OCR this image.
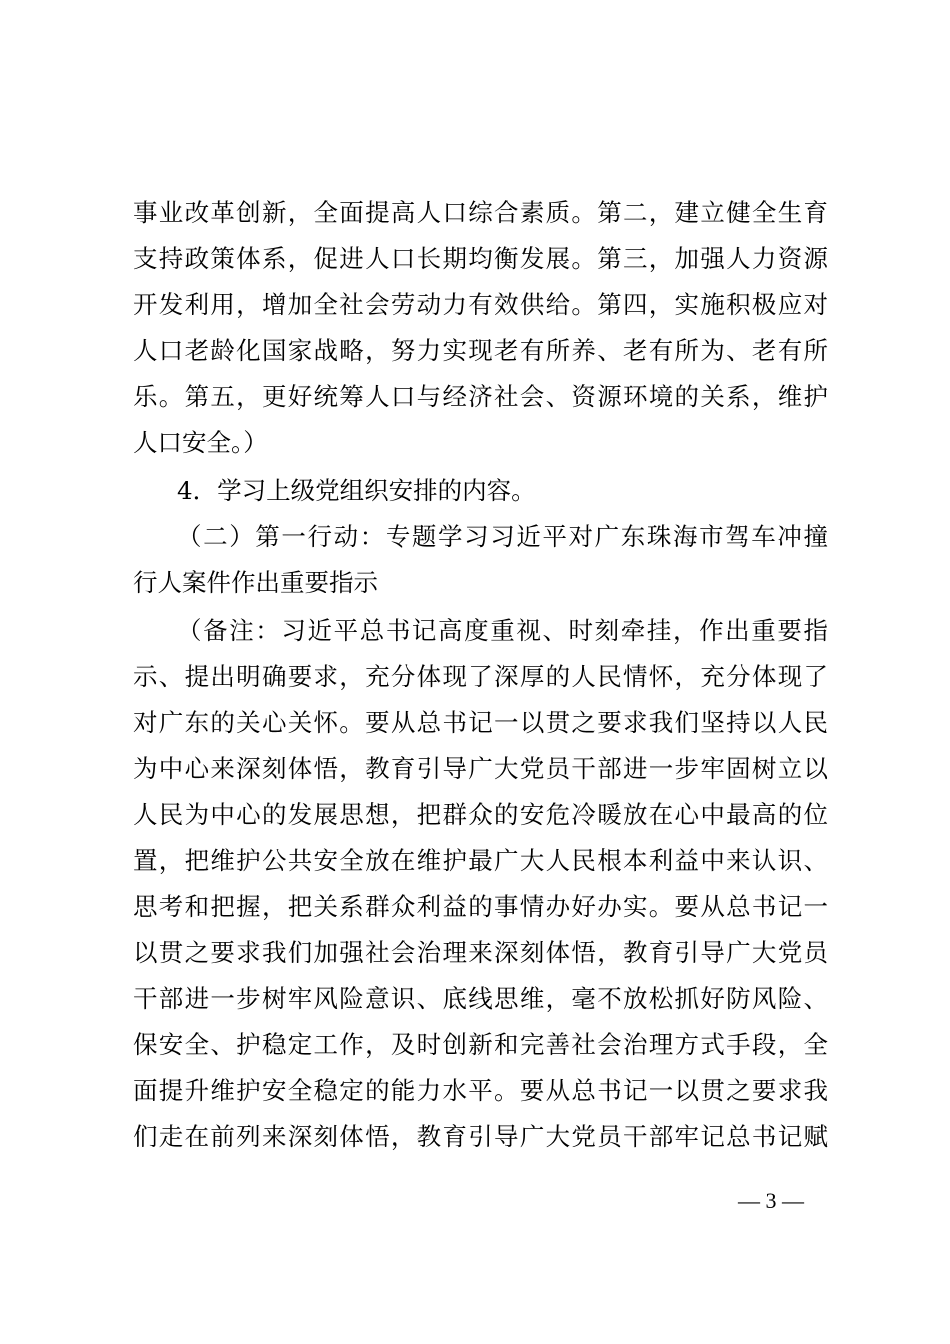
事业改革创新，全面提高人口综合素质。第二，建立健全生育
支持政策体系，促进人口长期均衡发展。第三，加强人力资源
开发利用，增加全社会劳动力有效供给。第四，实施积极应对
人口老龄化国家战略，努力实现老有所养、老有所为、老有所
乐。第五，更好统筹人口与经济社会、资源环境的关系，维护
人口安全。）
4．学习上级党组织安排的内容。
（二）第一行动：专题学习习近平对广东珠海市驾车冲撞
行人案件作出重要指示
（备注：习近平总书记高度重视、时刻牵挂，作出重要指
示、提出明确要求，充分体现了深厚的人民情怀，充分体现了
对广东的关心关怀。要从总书记一以贯之要求我们坚持以人民
为中心来深刻体悟，教育引导广大党员干部进一步牢固树立以
人民为中心的发展思想，把群众的安危冷暖放在心中最高的位
置，把维护公共安全放在维护最广大人民根本利益中来认识、
思考和把握，把关系群众利益的事情办好办实。要从总书记一
以贯之要求我们加强社会治理来深刻体悟，教育引导广大党员
干部进一步树牢风险意识、底线思维，毫不放松抓好防风险、
保安全、护稳定工作，及时创新和完善社会治理方式手段，全
面提升维护安全稳定的能力水平。要从总书记一以贯之要求我
们走在前列来深刻体悟，教育引导广大党员干部牢记总书记赋
— 3 —
